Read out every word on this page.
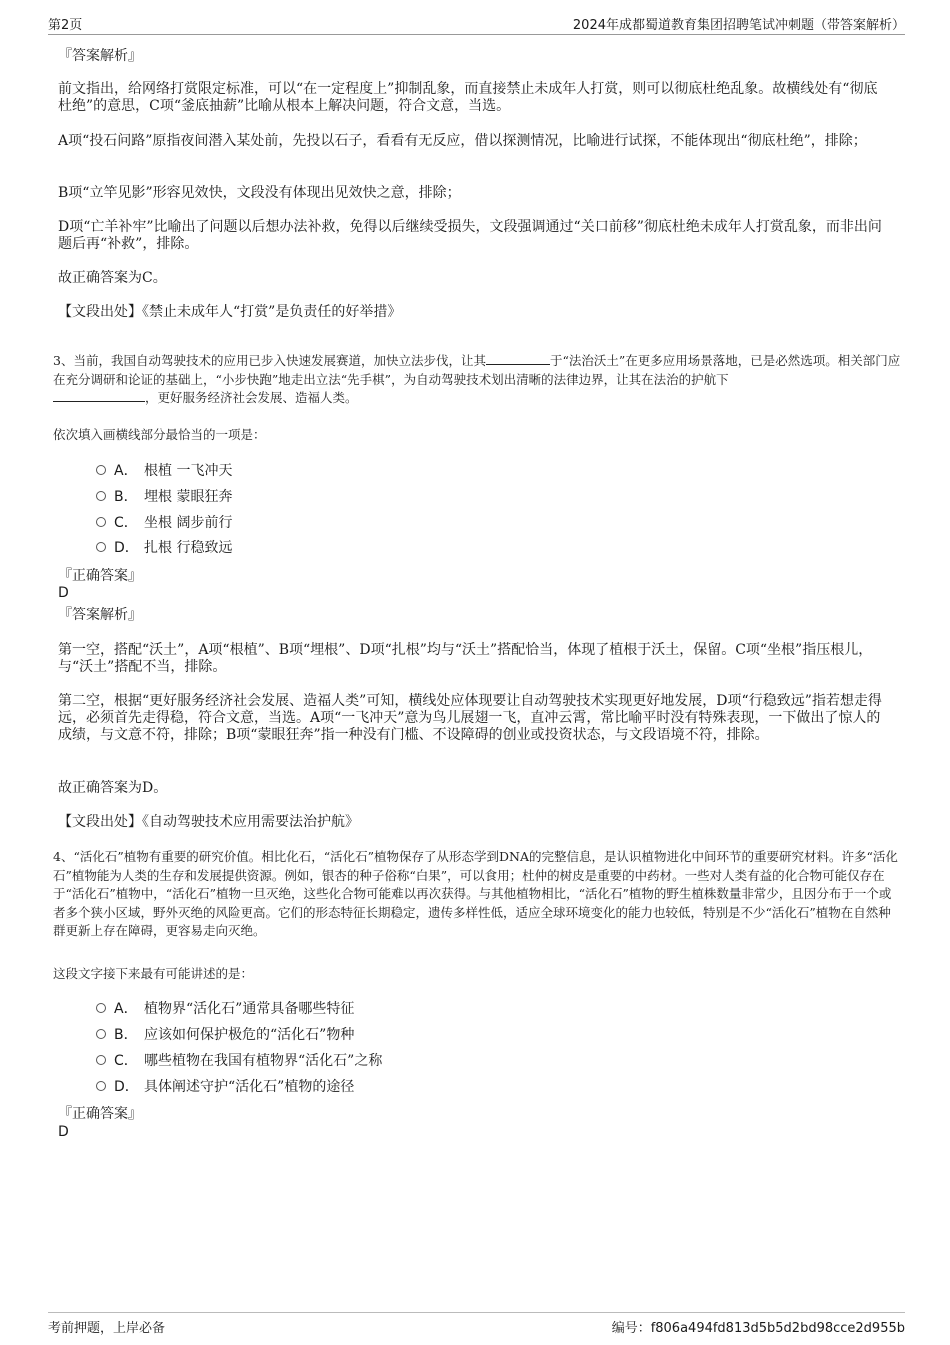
第2页	2024年成都蜀道教育集团招聘笔试冲刺题（带答案解析）
『答案解析』
前文指出，给网络打赏限定标准，可以“在一定程度上”抑制乱象，而直接禁止未成年人打赏，则可以彻底杜绝乱象。故横线处有“彻底杜绝”的意思，C项“釜底抽薪”比喻从根本上解决问题，符合文意，当选。
A项“投石问路”原指夜间潜入某处前，先投以石子，看看有无反应，借以探测情况，比喻进行试探，不能体现出“彻底杜绝”，排除；
B项“立竿见影”形容见效快，文段没有体现出见效快之意，排除；
D项“亡羊补牢”比喻出了问题以后想办法补救，免得以后继续受损失，文段强调通过“关口前移”彻底杜绝未成年人打赏乱象，而非出问题后再“补救”，排除。
故正确答案为C。
【文段出处】《禁止未成年人“打赏”是负责任的好举措》
3、当前，我国自动驾驶技术的应用已步入快速发展赛道，加快立法步伐，让其	于“法治沃土”在更多应用场景落地，已是必然选项。相关部门应在充分调研和论证的基础上，“小步快跑”地走出立法“先手棋”，为自动驾驶技术划出清晰的法律边界，让其在法治的护航下
，更好服务经济社会发展、造福人类。
依次填入画横线部分最恰当的一项是：
A． 根植 一飞冲天
B． 埋根 蒙眼狂奔
C． 坐根 阔步前行
D． 扎根 行稳致远
『正确答案』
D
『答案解析』
第一空，搭配“沃土”，A项“根植”、B项“埋根”、D项“扎根”均与“沃土”搭配恰当，体现了植根于沃土，保留。C项“坐根”指压根儿，与“沃土”搭配不当，排除。
第二空，根据“更好服务经济社会发展、造福人类”可知，横线处应体现要让自动驾驶技术实现更好地发展，D项“行稳致远”指若想走得远，必须首先走得稳，符合文意，当选。A项“一飞冲天”意为鸟儿展翅一飞，直冲云霄，常比喻平时没有特殊表现，一下做出了惊人的成绩，与文意不符，排除；B项“蒙眼狂奔”指一种没有门槛、不设障碍的创业或投资状态，与文段语境不符，排除。
故正确答案为D。
【文段出处】《自动驾驶技术应用需要法治护航》
4、“活化石”植物有重要的研究价值。相比化石，“活化石”植物保存了从形态学到DNA的完整信息，是认识植物进化中间环节的重要研究材料。许多“活化石”植物能为人类的生存和发展提供资源。例如，银杏的种子俗称“白果”，可以食用；杜仲的树皮是重要的中药材。一些对人类有益的化合物可能仅存在于“活化石”植物中，“活化石”植物一旦灭绝，这些化合物可能难以再次获得。与其他植物相比，“活化石”植物的野生植株数量非常少，且因分布于一个或者多个狭小区域，野外灭绝的风险更高。它们的形态特征长期稳定，遗传多样性低，适应全球环境变化的能力也较低，特别是不少“活化石”植物在自然种群更新上存在障碍，更容易走向灭绝。
这段文字接下来最有可能讲述的是：
A． 植物界“活化石”通常具备哪些特征
B． 应该如何保护极危的“活化石”物种
C． 哪些植物在我国有植物界“活化石”之称
D． 具体阐述守护“活化石”植物的途径
『正确答案』
D
考前押题，上岸必备	编号：f806a494fd813d5b5d2bd98cce2d955b
